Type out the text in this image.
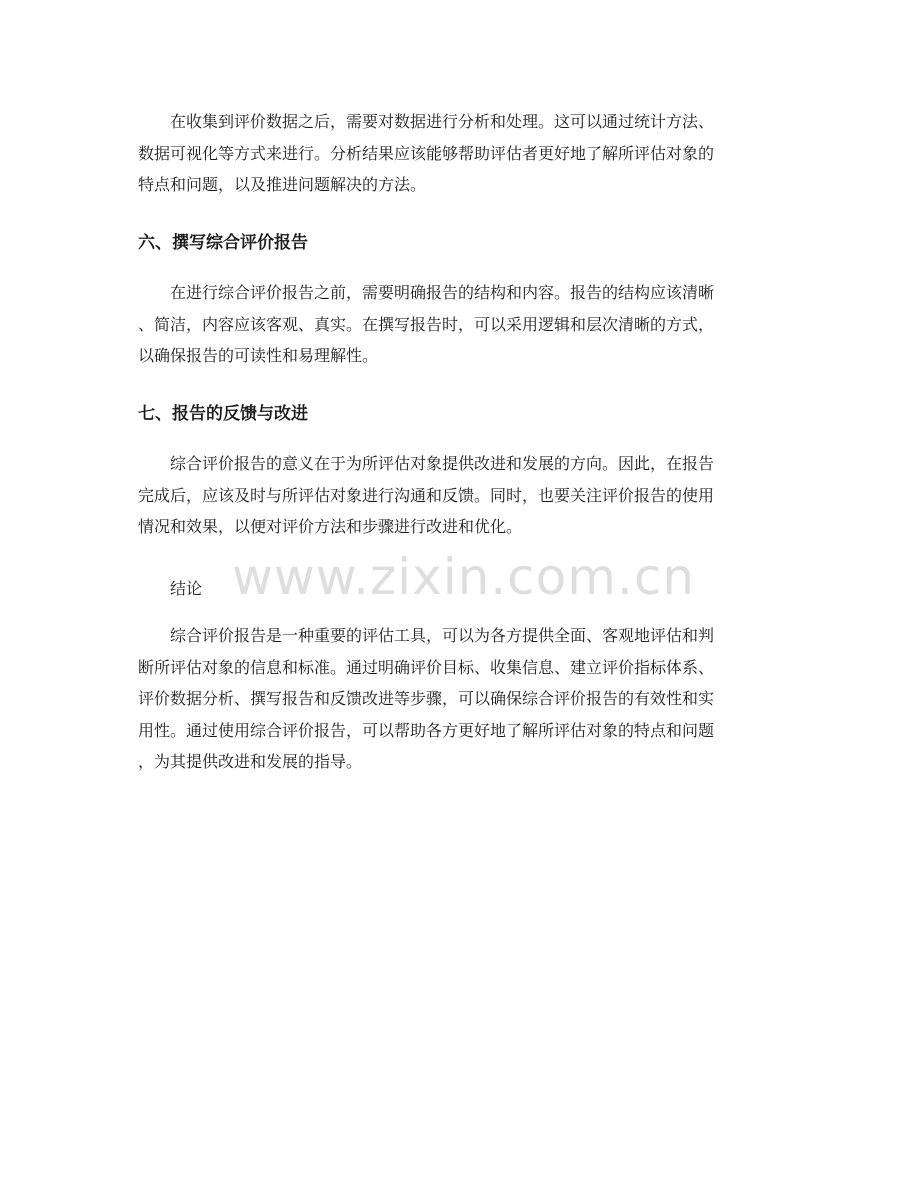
在收集到评价数据之后，需要对数据进行分析和处理。这可以通过统计方法、
数据可视化等方式来进行。分析结果应该能够帮助评估者更好地了解所评估对象的
特点和问题，以及推进问题解决的方法。

六、撰写综合评价报告

在进行综合评价报告之前，需要明确报告的结构和内容。报告的结构应该清晰
、简洁，内容应该客观、真实。在撰写报告时，可以采用逻辑和层次清晰的方式，
以确保报告的可读性和易理解性。

七、报告的反馈与改进

综合评价报告的意义在于为所评估对象提供改进和发展的方向。因此，在报告
完成后，应该及时与所评估对象进行沟通和反馈。同时，也要关注评价报告的使用
情况和效果，以便对评价方法和步骤进行改进和优化。

结论

综合评价报告是一种重要的评估工具，可以为各方提供全面、客观地评估和判
断所评估对象的信息和标准。通过明确评价目标、收集信息、建立评价指标体系、
评价数据分析、撰写报告和反馈改进等步骤，可以确保综合评价报告的有效性和实
用性。通过使用综合评价报告，可以帮助各方更好地了解所评估对象的特点和问题
，为其提供改进和发展的指导。

www.zixin.com.cn
